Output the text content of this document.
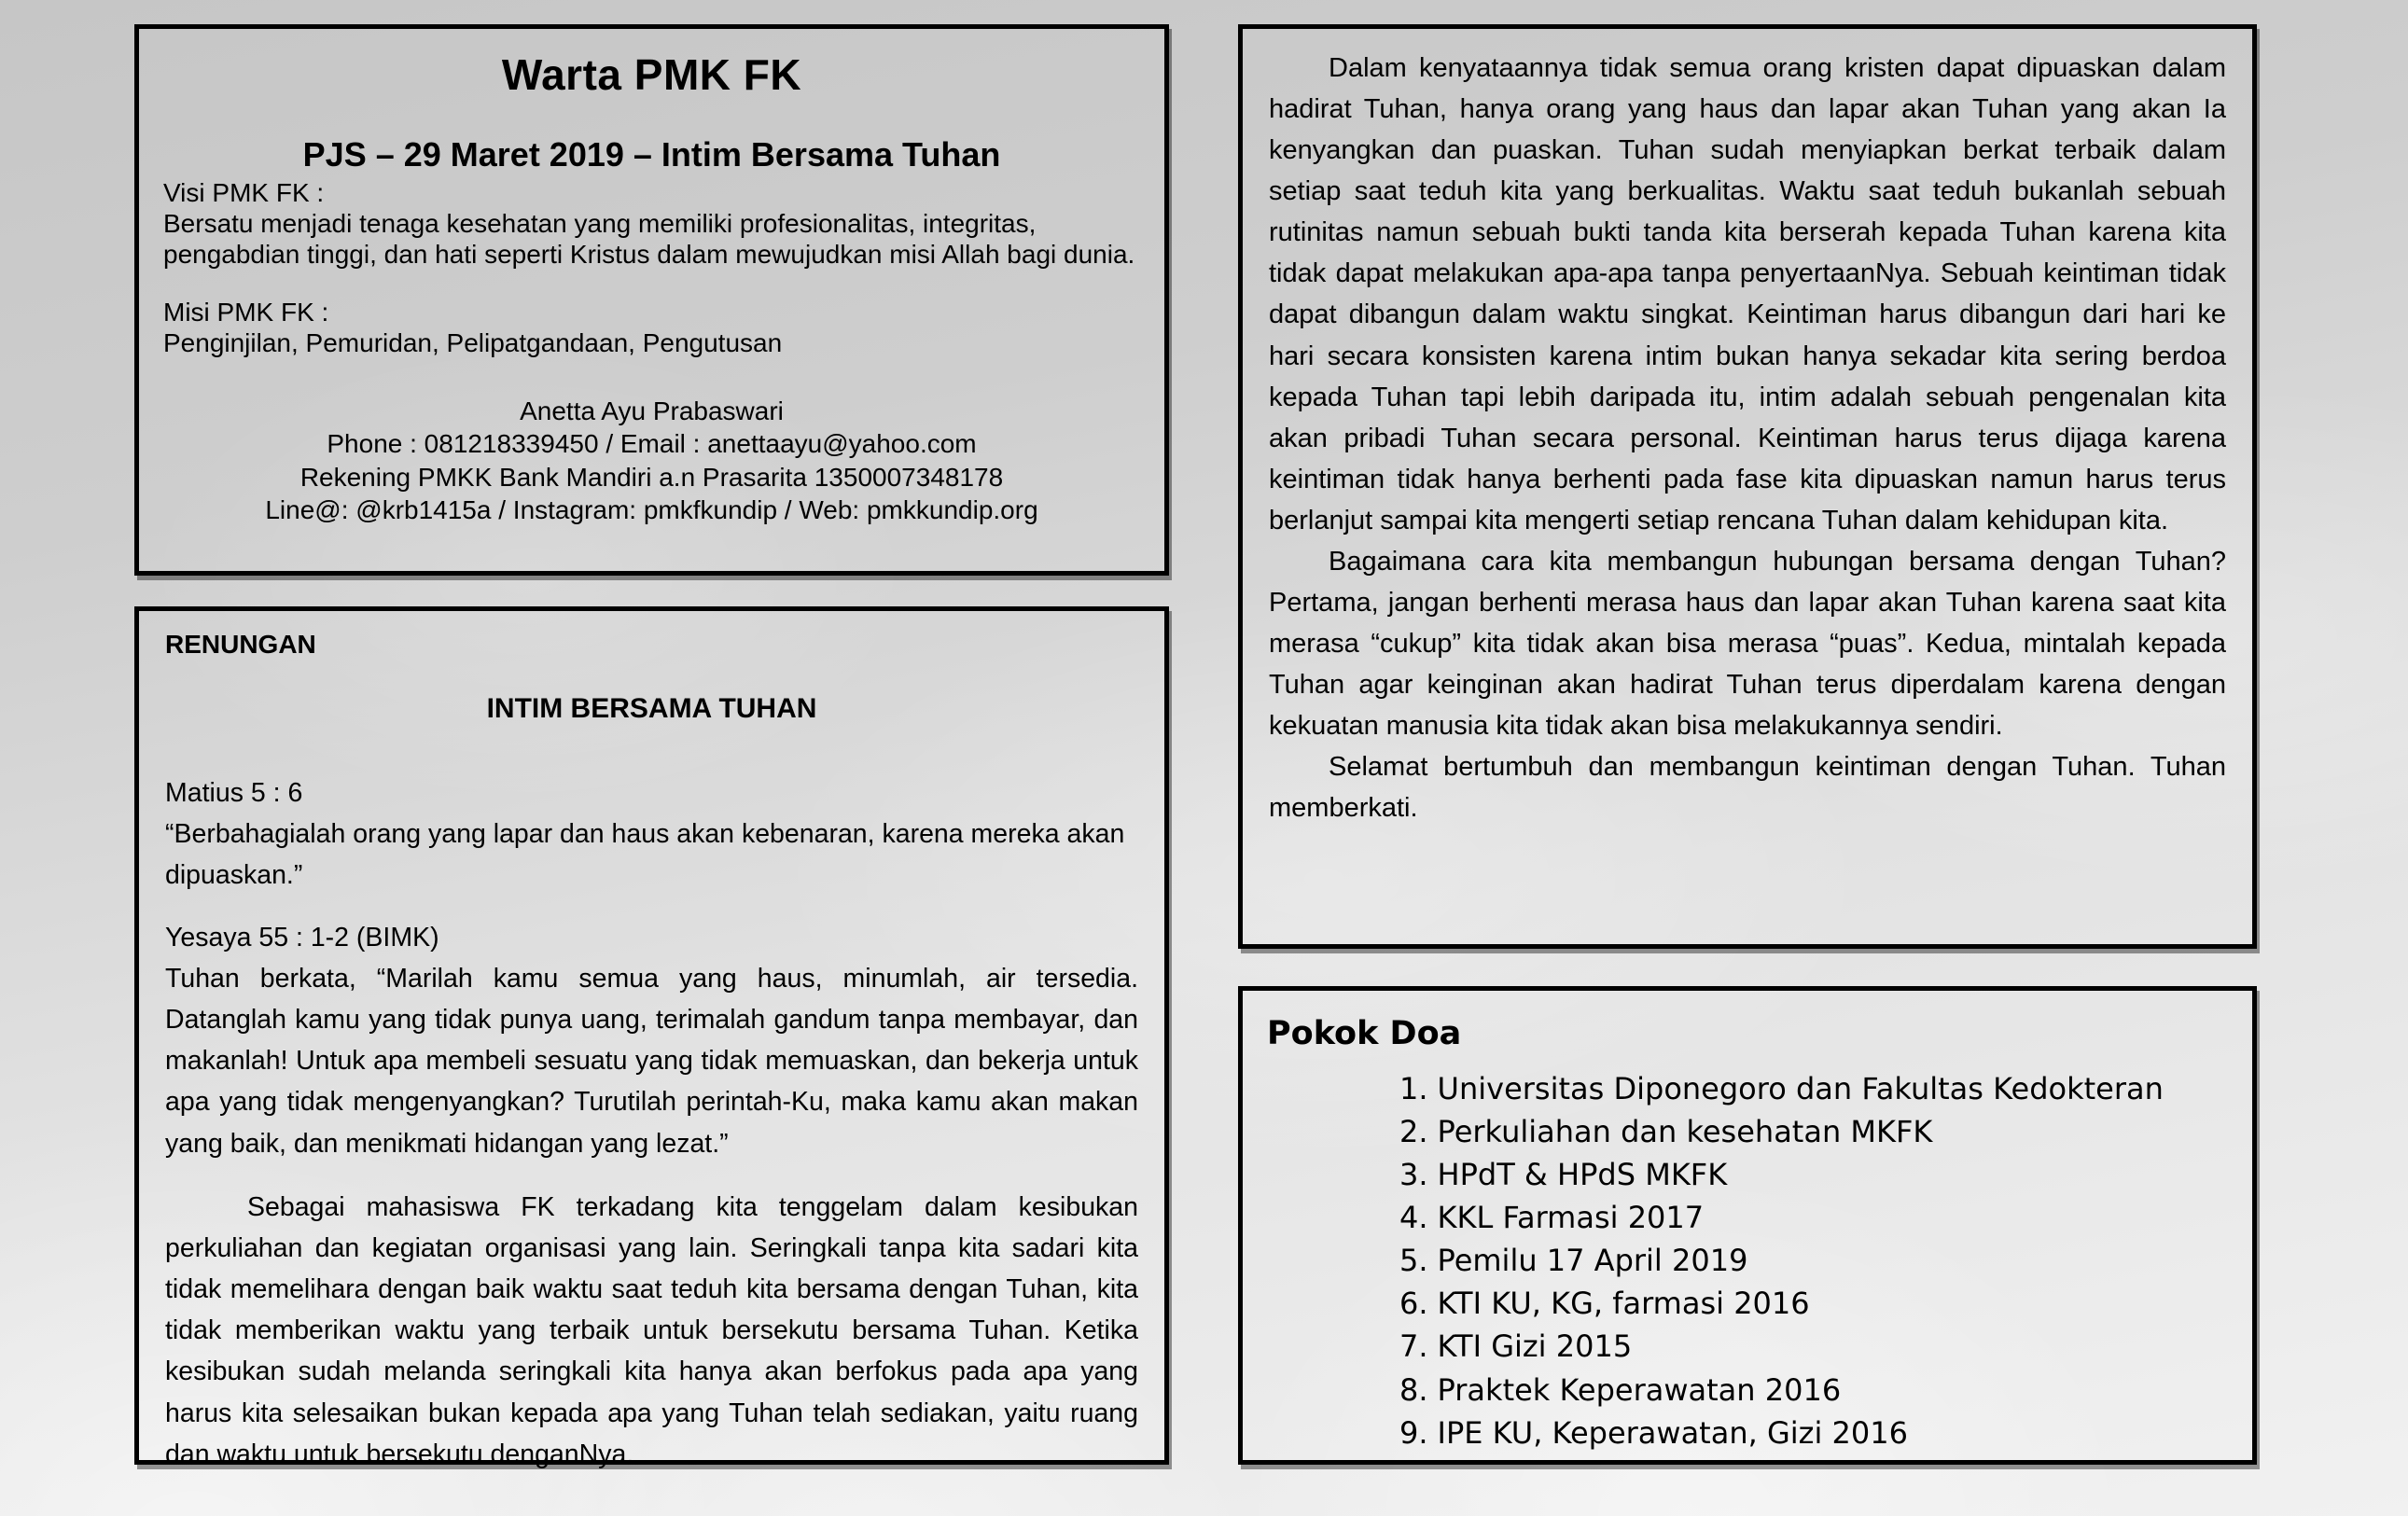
Warta PMK FK
PJS – 29 Maret 2019 – Intim Bersama Tuhan

Visi PMK FK :

Bersatu menjadi tenaga kesehatan yang memiliki profesionalitas, integritas, pengabdian tinggi, dan hati seperti Kristus dalam mewujudkan misi Allah bagi dunia.

Misi PMK FK :

Penginjilan, Pemuridan, Pelipatgandaan, Pengutusan

Anetta Ayu Prabaswari

Phone : 081218339450 / Email : anettaayu@yahoo.com

Rekening PMKK Bank Mandiri a.n Prasarita 1350007348178

Line@: @krb1415a / Instagram: pmkfkundip / Web: pmkkundip.org

RENUNGAN

INTIM BERSAMA TUHAN

Matius 5 : 6

“Berbahagialah orang yang lapar dan haus akan kebenaran, karena mereka akan dipuaskan.”

Yesaya 55 : 1-2 (BIMK)

Tuhan berkata, “Marilah kamu semua yang haus, minumlah, air tersedia. Datanglah kamu yang tidak punya uang, terimalah gandum tanpa membayar, dan makanlah! Untuk apa membeli sesuatu yang tidak memuaskan, dan bekerja untuk apa yang tidak mengenyangkan? Turutilah perintah-Ku, maka kamu akan makan yang baik, dan menikmati hidangan yang lezat.”

Sebagai mahasiswa FK terkadang kita tenggelam dalam kesibukan perkuliahan dan kegiatan organisasi yang lain. Seringkali tanpa kita sadari kita tidak memelihara dengan baik waktu saat teduh kita bersama dengan Tuhan, kita tidak memberikan waktu yang terbaik untuk bersekutu bersama Tuhan. Ketika kesibukan sudah melanda seringkali kita hanya akan berfokus pada apa yang harus kita selesaikan bukan kepada apa yang Tuhan telah sediakan, yaitu ruang dan waktu untuk bersekutu denganNya.

Dalam kenyataannya tidak semua orang kristen dapat dipuaskan dalam hadirat Tuhan, hanya orang yang haus dan lapar akan Tuhan yang akan Ia kenyangkan dan puaskan. Tuhan sudah menyiapkan berkat terbaik dalam setiap saat teduh kita yang berkualitas. Waktu saat teduh bukanlah sebuah rutinitas namun sebuah bukti tanda kita berserah kepada Tuhan karena kita tidak dapat melakukan apa-apa tanpa penyertaanNya. Sebuah keintiman tidak dapat dibangun dalam waktu singkat. Keintiman harus dibangun dari hari ke hari secara konsisten karena intim bukan hanya sekadar kita sering berdoa kepada Tuhan tapi lebih daripada itu, intim adalah sebuah pengenalan kita akan pribadi Tuhan secara personal. Keintiman harus terus dijaga karena keintiman tidak hanya berhenti pada fase kita dipuaskan namun harus terus berlanjut sampai kita mengerti setiap rencana Tuhan dalam kehidupan kita.

Bagaimana cara kita membangun hubungan bersama dengan Tuhan? Pertama, jangan berhenti merasa haus dan lapar akan Tuhan karena saat kita merasa “cukup” kita tidak akan bisa merasa “puas”. Kedua, mintalah kepada Tuhan agar keinginan akan hadirat Tuhan terus diperdalam karena dengan kekuatan manusia kita tidak akan bisa melakukannya sendiri.

Selamat bertumbuh dan membangun keintiman dengan Tuhan. Tuhan memberkati.

Pokok Doa

1. Universitas Diponegoro dan Fakultas Kedokteran
2. Perkuliahan dan kesehatan MKFK
3. HPdT & HPdS MKFK
4. KKL Farmasi 2017
5. Pemilu 17 April 2019
6. KTI KU, KG, farmasi 2016
7. KTI Gizi 2015
8. Praktek Keperawatan 2016
9. IPE KU, Keperawatan, Gizi 2016
